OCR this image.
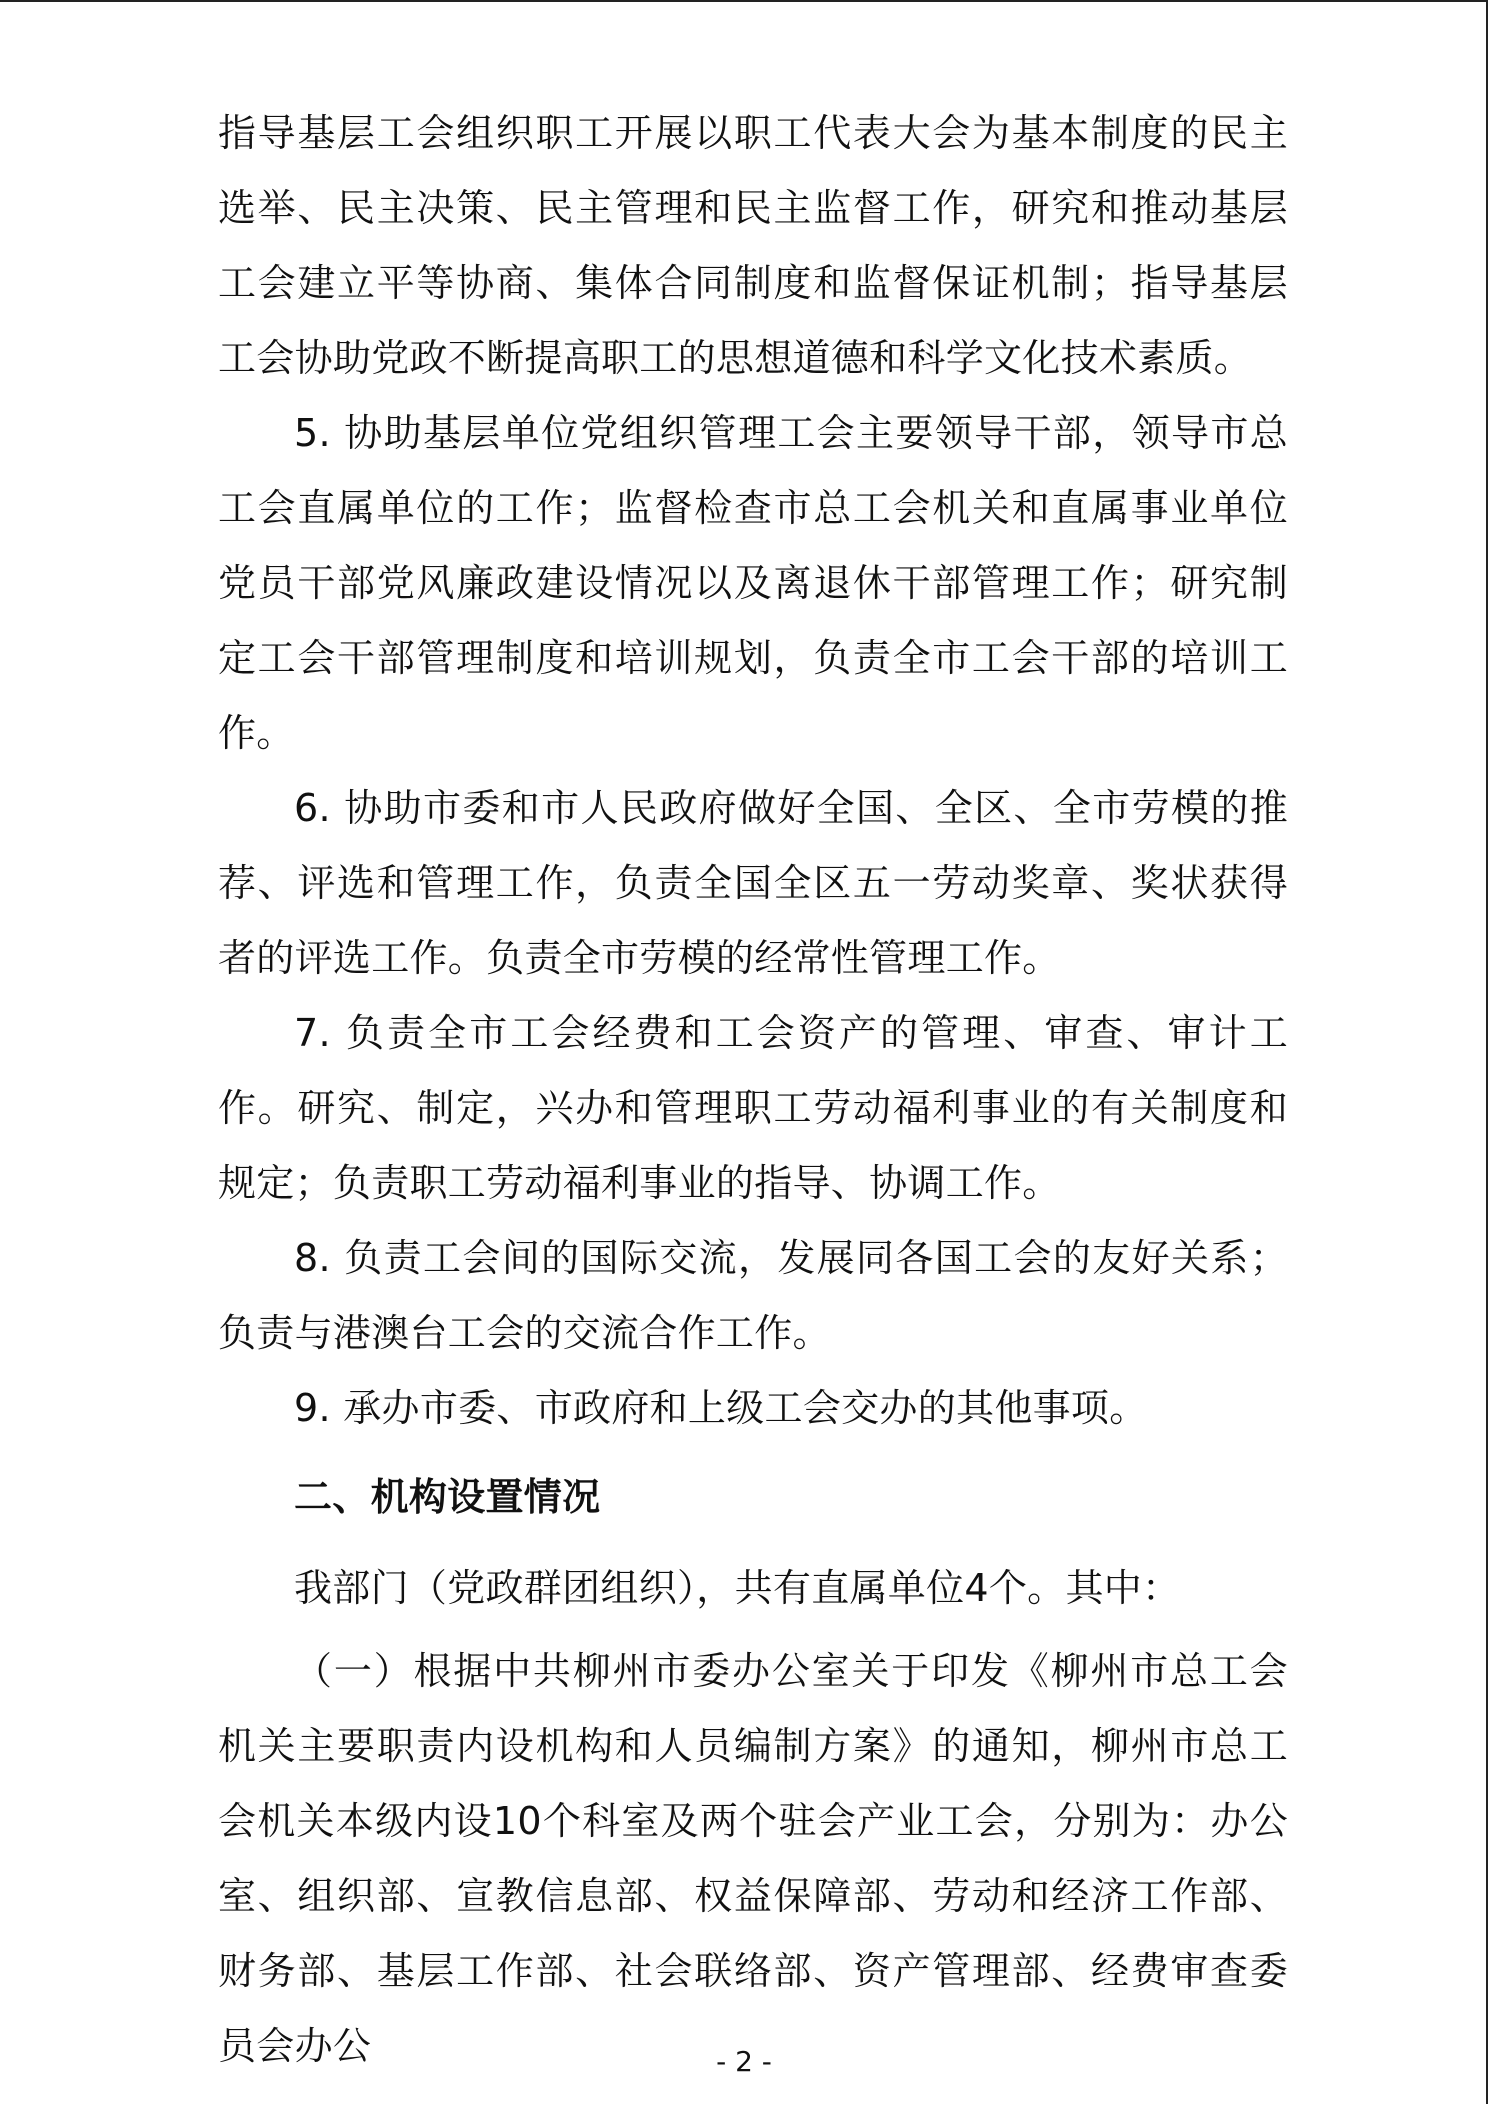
指导基层工会组织职工开展以职工代表大会为基本制度的民主选举、民主决策、民主管理和民主监督工作，研究和推动基层工会建立平等协商、集体合同制度和监督保证机制；指导基层工会协助党政不断提高职工的思想道德和科学文化技术素质。

5. 协助基层单位党组织管理工会主要领导干部，领导市总工会直属单位的工作；监督检查市总工会机关和直属事业单位党员干部党风廉政建设情况以及离退休干部管理工作；研究制定工会干部管理制度和培训规划，负责全市工会干部的培训工作。

6. 协助市委和市人民政府做好全国、全区、全市劳模的推荐、评选和管理工作，负责全国全区五一劳动奖章、奖状获得者的评选工作。负责全市劳模的经常性管理工作。

7. 负责全市工会经费和工会资产的管理、审查、审计工作。研究、制定，兴办和管理职工劳动福利事业的有关制度和规定；负责职工劳动福利事业的指导、协调工作。

8. 负责工会间的国际交流，发展同各国工会的友好关系；负责与港澳台工会的交流合作工作。

9. 承办市委、市政府和上级工会交办的其他事项。

二、机构设置情况

我部门（党政群团组织），共有直属单位4个。其中：

（一）根据中共柳州市委办公室关于印发《柳州市总工会机关主要职责内设机构和人员编制方案》的通知，柳州市总工会机关本级内设10个科室及两个驻会产业工会，分别为：办公室、组织部、宣教信息部、权益保障部、劳动和经济工作部、财务部、基层工作部、社会联络部、资产管理部、经费审查委员会办公	- 2 -
